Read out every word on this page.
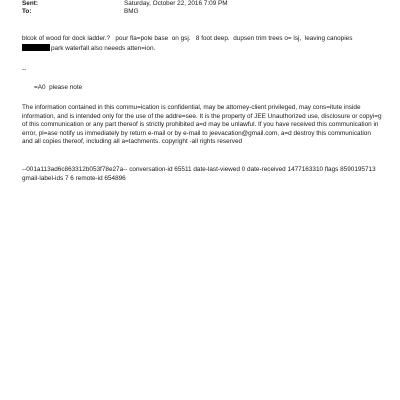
Sent:	Saturday, October 22, 2016 7:09 PM
To:	BMG
blcok of wood for dock ladder.?   pour fla=pole base  on gsj.   8 foot deep.  dupsen trim trees o= lsj,  leaving canopies
park waterfall also neeeds atten=ion.
--
=A0  please note
The information contained in this commu=ication is confidential, may be attorney-client privileged, may cons=itute inside information, and is intended only for the use of the addre=see. It is the property of JEE Unauthorized use, disclosure or copyi=g of this communication or any part thereof is strictly prohibited a=d may be unlawful. If you have received this communication in error, pl=ase notify us immediately by return e-mail or by e-mail to jeevacation@gmail.com, a=d destroy this communication and all copies thereof, including all a=tachments. copyright -all rights reserved
--001a113ad6c863312b053f78e27a-- conversation-id 65511 date-last-viewed 0 date-received 1477163310 flags 8590195713 gmail-label-ids 7 6 remote-id 654896
